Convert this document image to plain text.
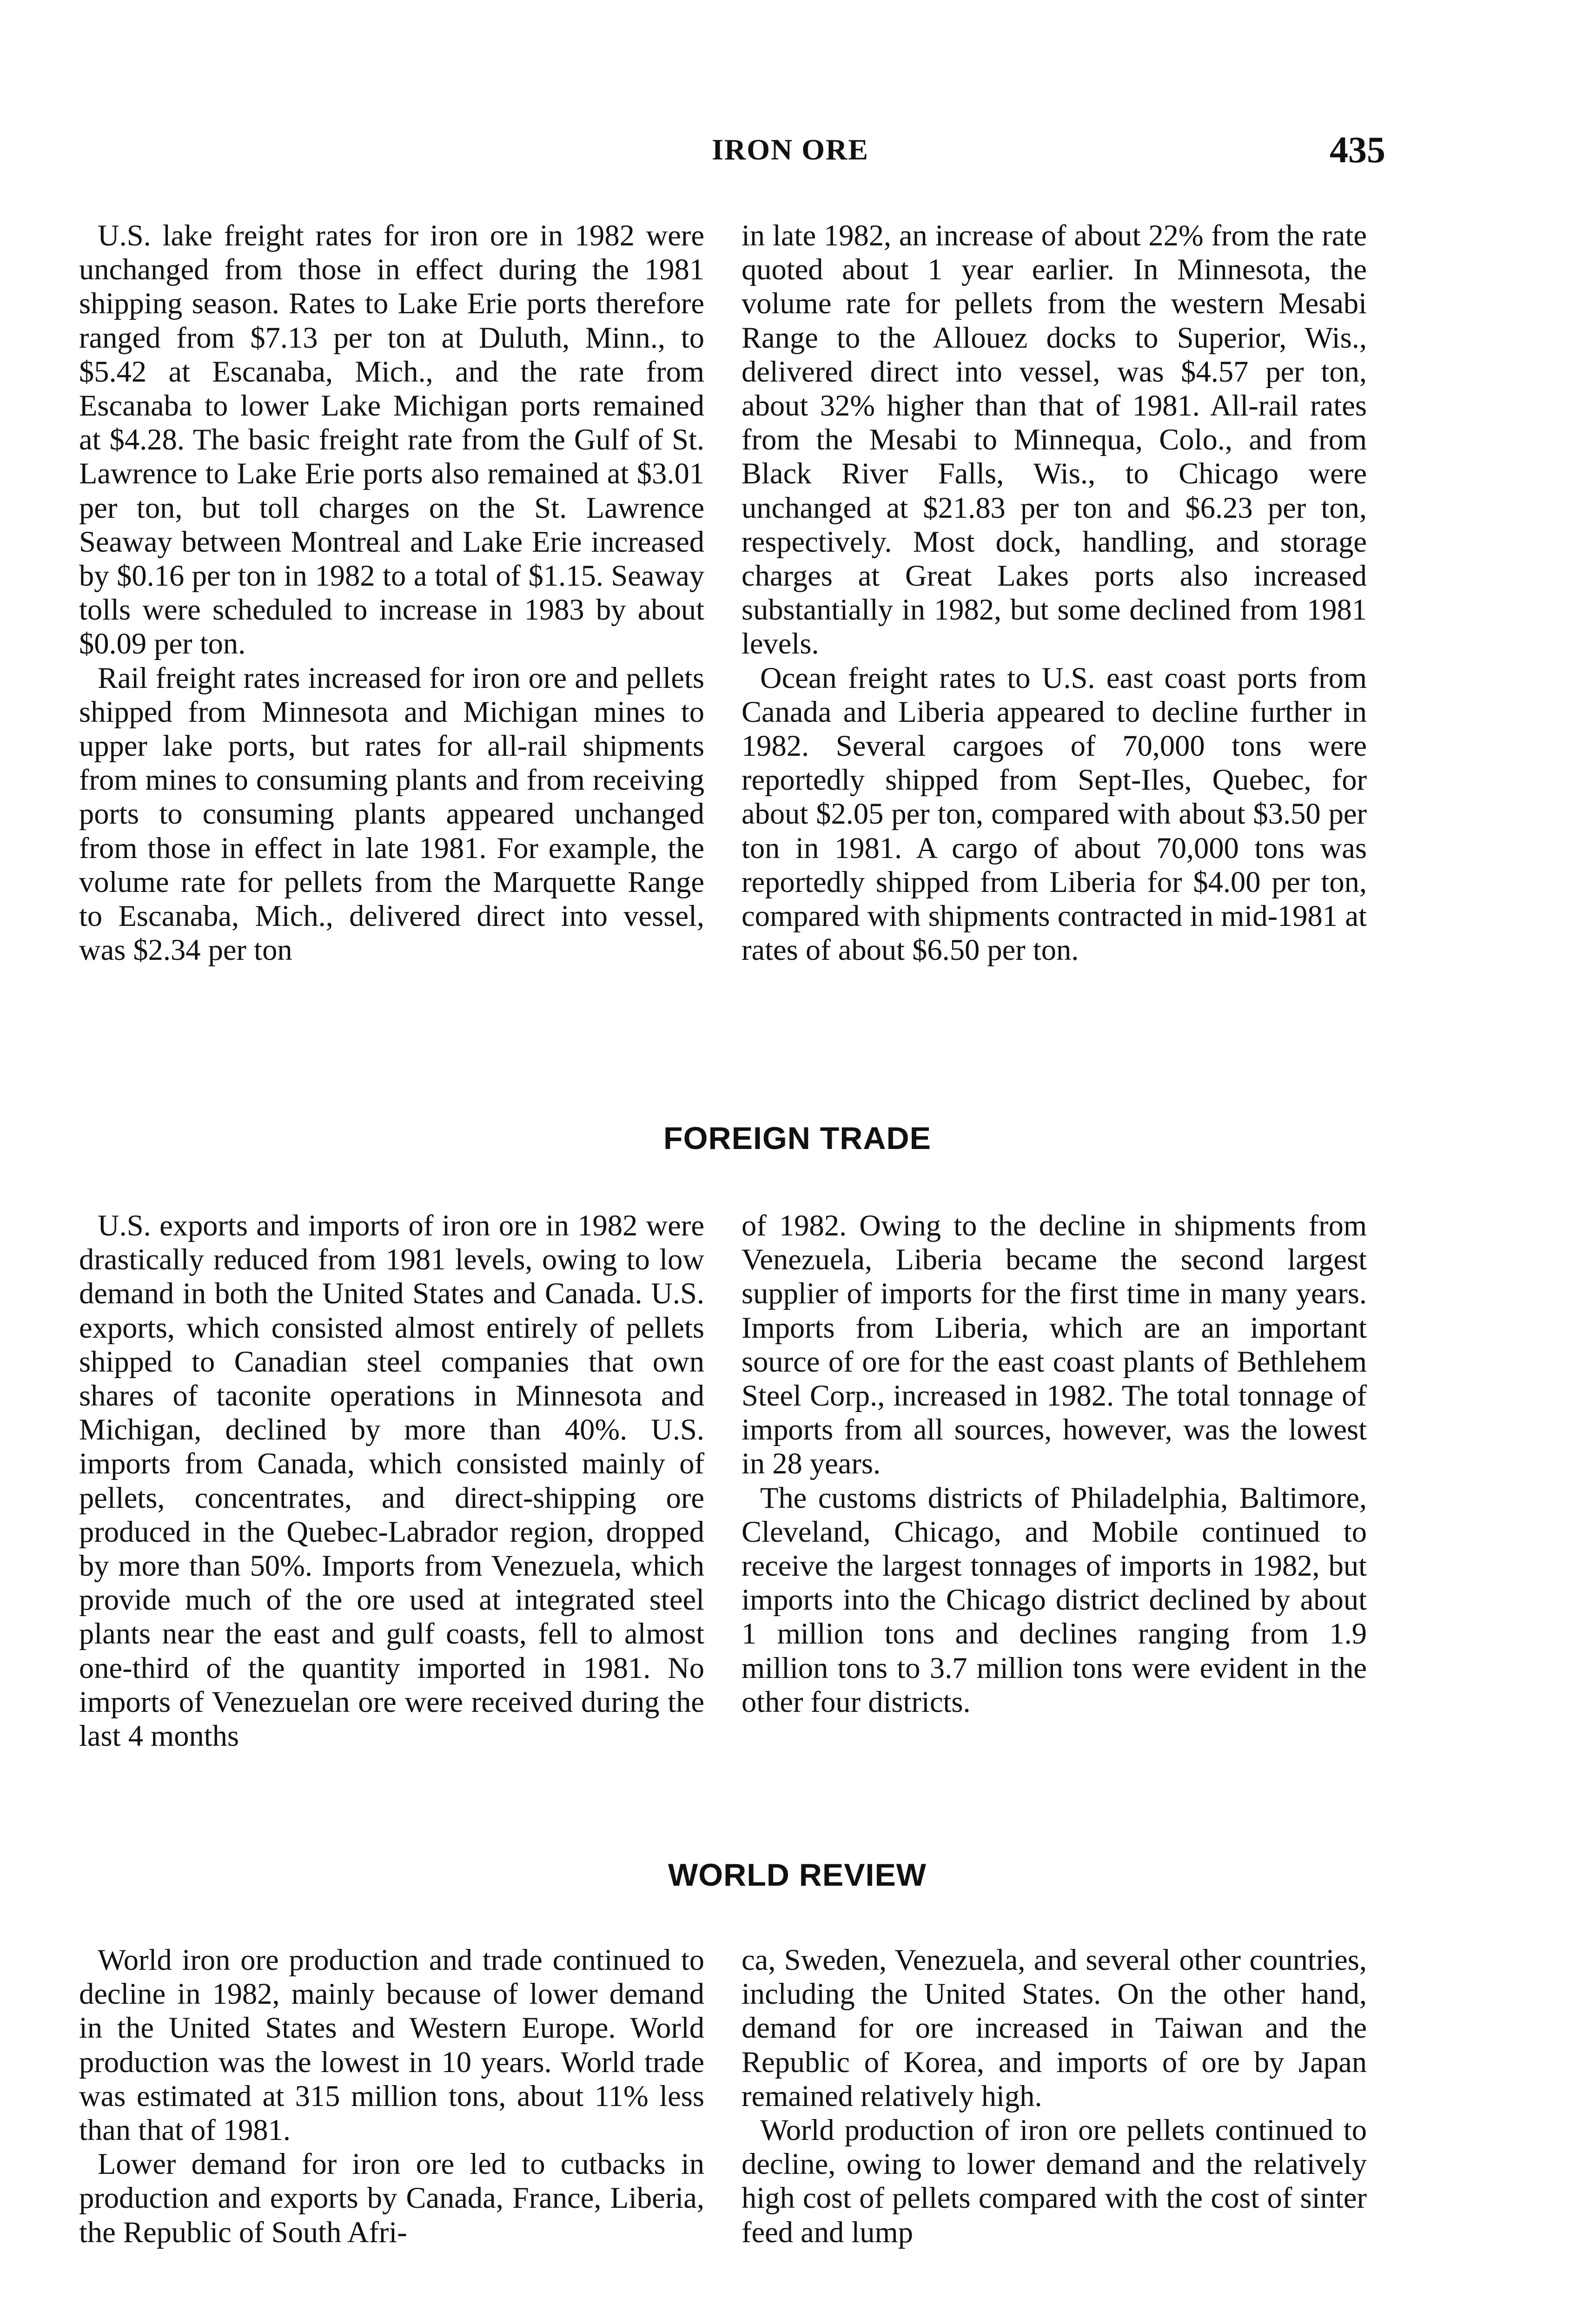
IRON ORE	435

U.S. lake freight rates for iron ore in 1982 were unchanged from those in effect during the 1981 shipping season. Rates to Lake Erie ports therefore ranged from $7.13 per ton at Duluth, Minn., to $5.42 at Escanaba, Mich., and the rate from Escanaba to lower Lake Michigan ports remained at $4.28. The basic freight rate from the Gulf of St. Lawrence to Lake Erie ports also remained at $3.01 per ton, but toll charges on the St. Lawrence Seaway between Montreal and Lake Erie increased by $0.16 per ton in 1982 to a total of $1.15. Seaway tolls were scheduled to increase in 1983 by about $0.09 per ton.

Rail freight rates increased for iron ore and pellets shipped from Minnesota and Michigan mines to upper lake ports, but rates for all-rail shipments from mines to consuming plants and from receiving ports to consuming plants appeared unchanged from those in effect in late 1981. For example, the volume rate for pellets from the Marquette Range to Escanaba, Mich., delivered direct into vessel, was $2.34 per ton

in late 1982, an increase of about 22% from the rate quoted about 1 year earlier. In Minnesota, the volume rate for pellets from the western Mesabi Range to the Allouez docks to Superior, Wis., delivered direct into vessel, was $4.57 per ton, about 32% higher than that of 1981. All-rail rates from the Mesabi to Minnequa, Colo., and from Black River Falls, Wis., to Chicago were unchanged at $21.83 per ton and $6.23 per ton, respectively. Most dock, handling, and storage charges at Great Lakes ports also increased substantially in 1982, but some declined from 1981 levels.

Ocean freight rates to U.S. east coast ports from Canada and Liberia appeared to decline further in 1982. Several cargoes of 70,000 tons were reportedly shipped from Sept-Iles, Quebec, for about $2.05 per ton, compared with about $3.50 per ton in 1981. A cargo of about 70,000 tons was reportedly shipped from Liberia for $4.00 per ton, compared with shipments contracted in mid-1981 at rates of about $6.50 per ton.

FOREIGN TRADE

U.S. exports and imports of iron ore in 1982 were drastically reduced from 1981 levels, owing to low demand in both the United States and Canada. U.S. exports, which consisted almost entirely of pellets shipped to Canadian steel companies that own shares of taconite operations in Minnesota and Michigan, declined by more than 40%. U.S. imports from Canada, which consisted mainly of pellets, concentrates, and direct-shipping ore produced in the Quebec-Labrador region, dropped by more than 50%. Imports from Venezuela, which provide much of the ore used at integrated steel plants near the east and gulf coasts, fell to almost one-third of the quantity imported in 1981. No imports of Venezuelan ore were received during the last 4 months

of 1982. Owing to the decline in shipments from Venezuela, Liberia became the second largest supplier of imports for the first time in many years. Imports from Liberia, which are an important source of ore for the east coast plants of Bethlehem Steel Corp., increased in 1982. The total tonnage of imports from all sources, however, was the lowest in 28 years.

The customs districts of Philadelphia, Baltimore, Cleveland, Chicago, and Mobile continued to receive the largest tonnages of imports in 1982, but imports into the Chicago district declined by about 1 million tons and declines ranging from 1.9 million tons to 3.7 million tons were evident in the other four districts.

WORLD REVIEW

World iron ore production and trade continued to decline in 1982, mainly because of lower demand in the United States and Western Europe. World production was the lowest in 10 years. World trade was estimated at 315 million tons, about 11% less than that of 1981.

Lower demand for iron ore led to cutbacks in production and exports by Canada, France, Liberia, the Republic of South Afri-

ca, Sweden, Venezuela, and several other countries, including the United States. On the other hand, demand for ore increased in Taiwan and the Republic of Korea, and imports of ore by Japan remained relatively high.

World production of iron ore pellets continued to decline, owing to lower demand and the relatively high cost of pellets compared with the cost of sinter feed and lump
